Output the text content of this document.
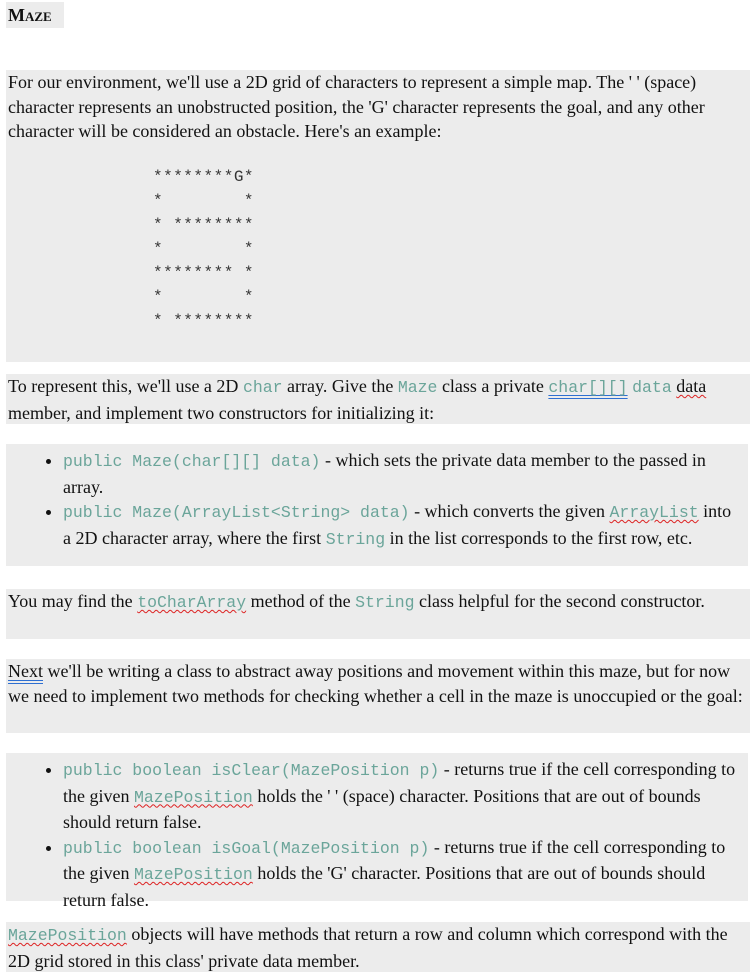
Maze
For our environment, we'll use a 2D grid of characters to represent a simple map. The ' ' (space) character represents an unobstructed position, the 'G' character represents the goal, and any other character will be considered an obstacle. Here's an example:
********G*
*        *
* ********
*        *
******** *
*        *
* ********
To represent this, we'll use a 2D char array. Give the Maze class a private char[][] data data member, and implement two constructors for initializing it:
• public Maze(char[][] data) - which sets the private data member to the passed in array.
• public Maze(ArrayList<String> data) - which converts the given ArrayList into a 2D character array, where the first String in the list corresponds to the first row, etc.
You may find the toCharArray method of the String class helpful for the second constructor.
Next we'll be writing a class to abstract away positions and movement within this maze, but for now we need to implement two methods for checking whether a cell in the maze is unoccupied or the goal:
• public boolean isClear(MazePosition p) - returns true if the cell corresponding to the given MazePosition holds the ' ' (space) character. Positions that are out of bounds should return false.
• public boolean isGoal(MazePosition p) - returns true if the cell corresponding to the given MazePosition holds the 'G' character. Positions that are out of bounds should return false.
MazePosition objects will have methods that return a row and column which correspond with the 2D grid stored in this class' private data member.
